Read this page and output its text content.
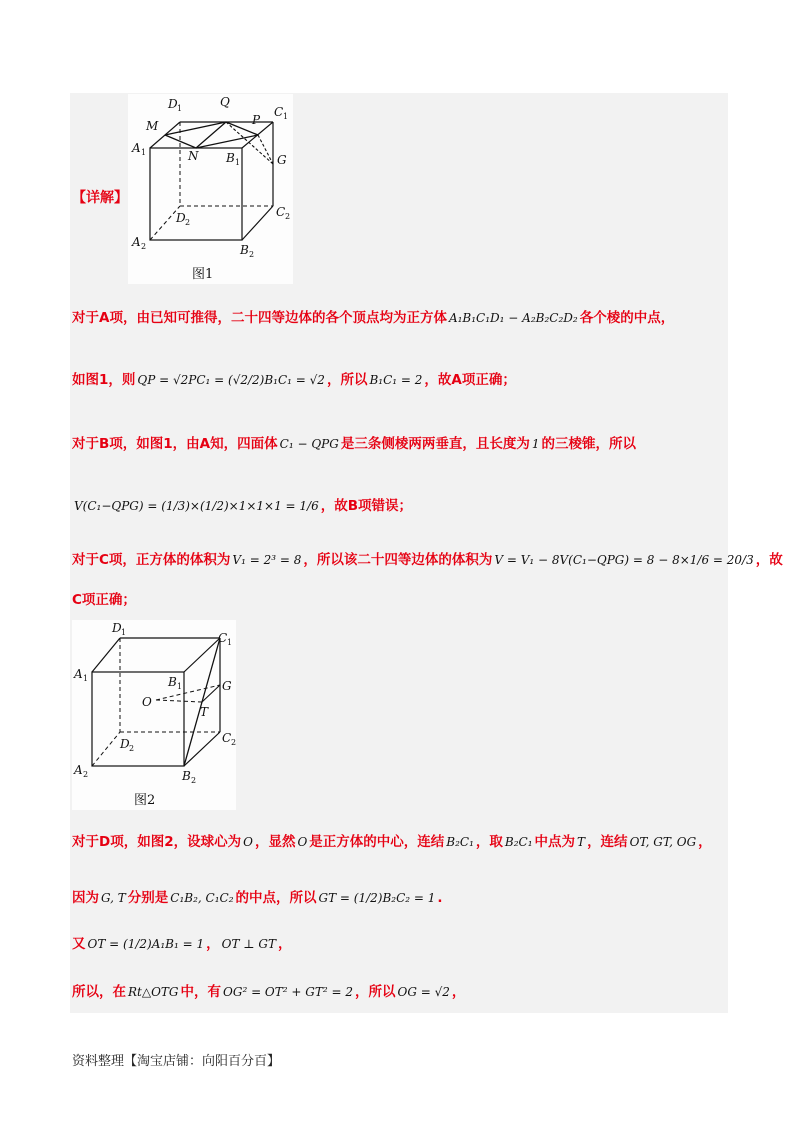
D 1	Q
C 1
M	P
A 1	N B 1	G
D 2
C 2
A 2	B 2
图1
【详解】
对于A项，由已知可推得，二十四等边体的各个顶点均为正方体 A₁B₁C₁D₁ − A₂B₂C₂D₂ 各个棱的中点，
如图1，则 QP = √2PC₁ = (√2/2)B₁C₁ = √2 ，所以 B₁C₁ = 2 ，故A项正确；
对于B项，如图1，由A知，四面体 C₁ − QPG 是三条侧棱两两垂直，且长度为 1 的三棱锥，所以
V(C₁−QPG) = (1/3)×(1/2)×1×1×1 = 1/6 ，故B项错误；
对于C项，正方体的体积为 V₁ = 2³ = 8 ，所以该二十四等边体的体积为 V = V₁ − 8V(C₁−QPG) = 8 − 8×1/6 = 20/3 ，故
C项正确；
D 1	C 1
A 1	B 1	G
O
T
D 2
C 2
A 2	B 2
图2
对于D项，如图2，设球心为 O ，显然 O 是正方体的中心，连结 B₂C₁ ，取 B₂C₁ 中点为 T ，连结 OT, GT, OG ，
因为 G, T 分别是 C₁B₂, C₁C₂ 的中点，所以 GT = (1/2)B₂C₂ = 1 .
又 OT = (1/2)A₁B₁ = 1 ， OT ⊥ GT ，
所以，在 Rt△OTG 中，有 OG² = OT² + GT² = 2 ，所以 OG = √2 ，
资料整理【淘宝店铺：向阳百分百】
